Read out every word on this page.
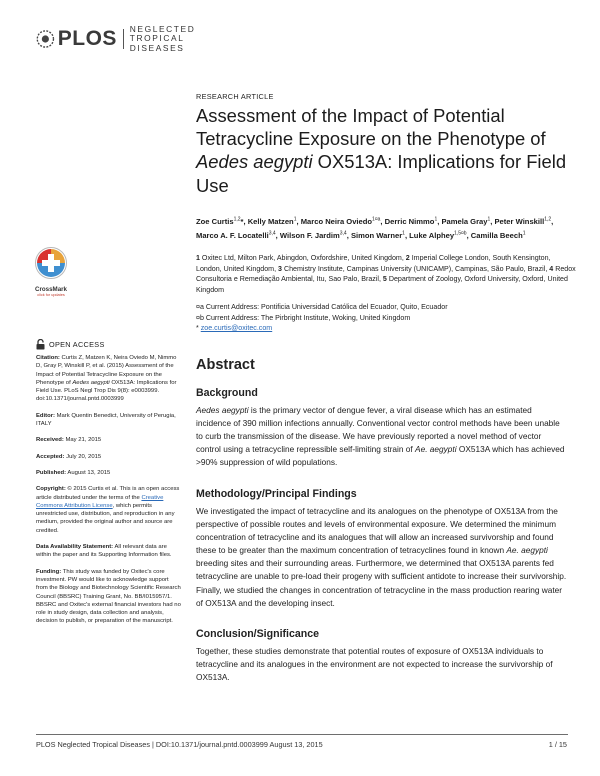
PLOS NEGLECTED
TROPICAL DISEASES
RESEARCH ARTICLE
Assessment of the Impact of Potential
Tetracycline Exposure on the Phenotype of
Aedes aegypti OX513A: Implications for Field
Use
Zoe Curtis$^{1,2}$*, Kelly Matzen$^1$, Marco Neira Oviedo$^{1¤a}$, Derric Nimmo$^1$, Pamela Gray$^1$, Peter Winskill$^{1,2}$, Marco A. F. Locatelli$^{3,4}$, Wilson F. Jardim$^{3,4}$, Simon Warner$^1$, Luke Alphey$^{1,5¤b}$, Camilla Beech$^1$
1 Oxitec Ltd, Milton Park, Abingdon, Oxfordshire, United Kingdom, 2 Imperial College London, South Kensington, London, United Kingdom, 3 Chemistry Institute, Campinas University (UNICAMP), Campinas, São Paulo, Brazil, 4 Redox Consultoria e Remediação Ambiental, Itu, Sao Palo, Brazil, 5 Department of Zoology, Oxford University, Oxford, United Kingdom
¤a Current Address: Pontificia Universidad Católica del Ecuador, Quito, Ecuador
¤b Current Address: The Pirbright Institute, Woking, United Kingdom
* zoe.curtis@oxitec.com
CrossMark
click for updates
OPEN ACCESS

Citation: Curtis Z, Matzen K, Neira Oviedo M, Nimmo D, Gray P, Winskill P, et al. (2015) Assessment of the Impact of Potential Tetracycline Exposure on the Phenotype of Aedes aegypti OX513A: Implications for Field Use. PLoS Negl Trop Dis 9(8): e0003999. doi:10.1371/journal.pntd.0003999

Editor: Mark Quentin Benedict, University of Perugia, ITALY

Received: May 21, 2015

Accepted: July 20, 2015

Published: August 13, 2015

Copyright: © 2015 Curtis et al. This is an open access article distributed under the terms of the Creative Commons Attribution License, which permits unrestricted use, distribution, and reproduction in any medium, provided the original author and source are credited.

Data Availability Statement: All relevant data are within the paper and its Supporting Information files.

Funding: This study was funded by Oxitec's core investment. PW would like to acknowledge support from the Biology and Biotechnology Scientific Research Council (BBSRC) Training Grant, No. BB/I015957/1. BBSRC and Oxitec's external financial investors had no role in study design, data collection and analysis, decision to publish, or preparation of the manuscript.

Abstract
Background
Aedes aegypti is the primary vector of dengue fever, a viral disease which has an estimated incidence of 390 million infections annually. Conventional vector control methods have been unable to curb the transmission of the disease. We have previously reported a novel method of vector control using a tetracycline repressible self-limiting strain of Ae. aegypti OX513A which has achieved >90% suppression of wild populations.
Methodology/Principal Findings
We investigated the impact of tetracycline and its analogues on the phenotype of OX513A from the perspective of possible routes and levels of environmental exposure. We determined the minimum concentration of tetracycline and its analogues that will allow an increased survivorship and found these to be greater than the maximum concentration of tetracyclines found in known Ae. aegypti breeding sites and their surrounding areas. Furthermore, we determined that OX513A parents fed tetracycline are unable to pre-load their progeny with sufficient antidote to increase their survivorship. Finally, we studied the changes in concentration of tetracycline in the mass production rearing water of OX513A and the developing insect.
Conclusion/Significance
Together, these studies demonstrate that potential routes of exposure of OX513A individuals to tetracycline and its analogues in the environment are not expected to increase the survivorship of OX513A.
PLOS Neglected Tropical Diseases | DOI:10.1371/journal.pntd.0003999 August 13, 2015	1 / 15
